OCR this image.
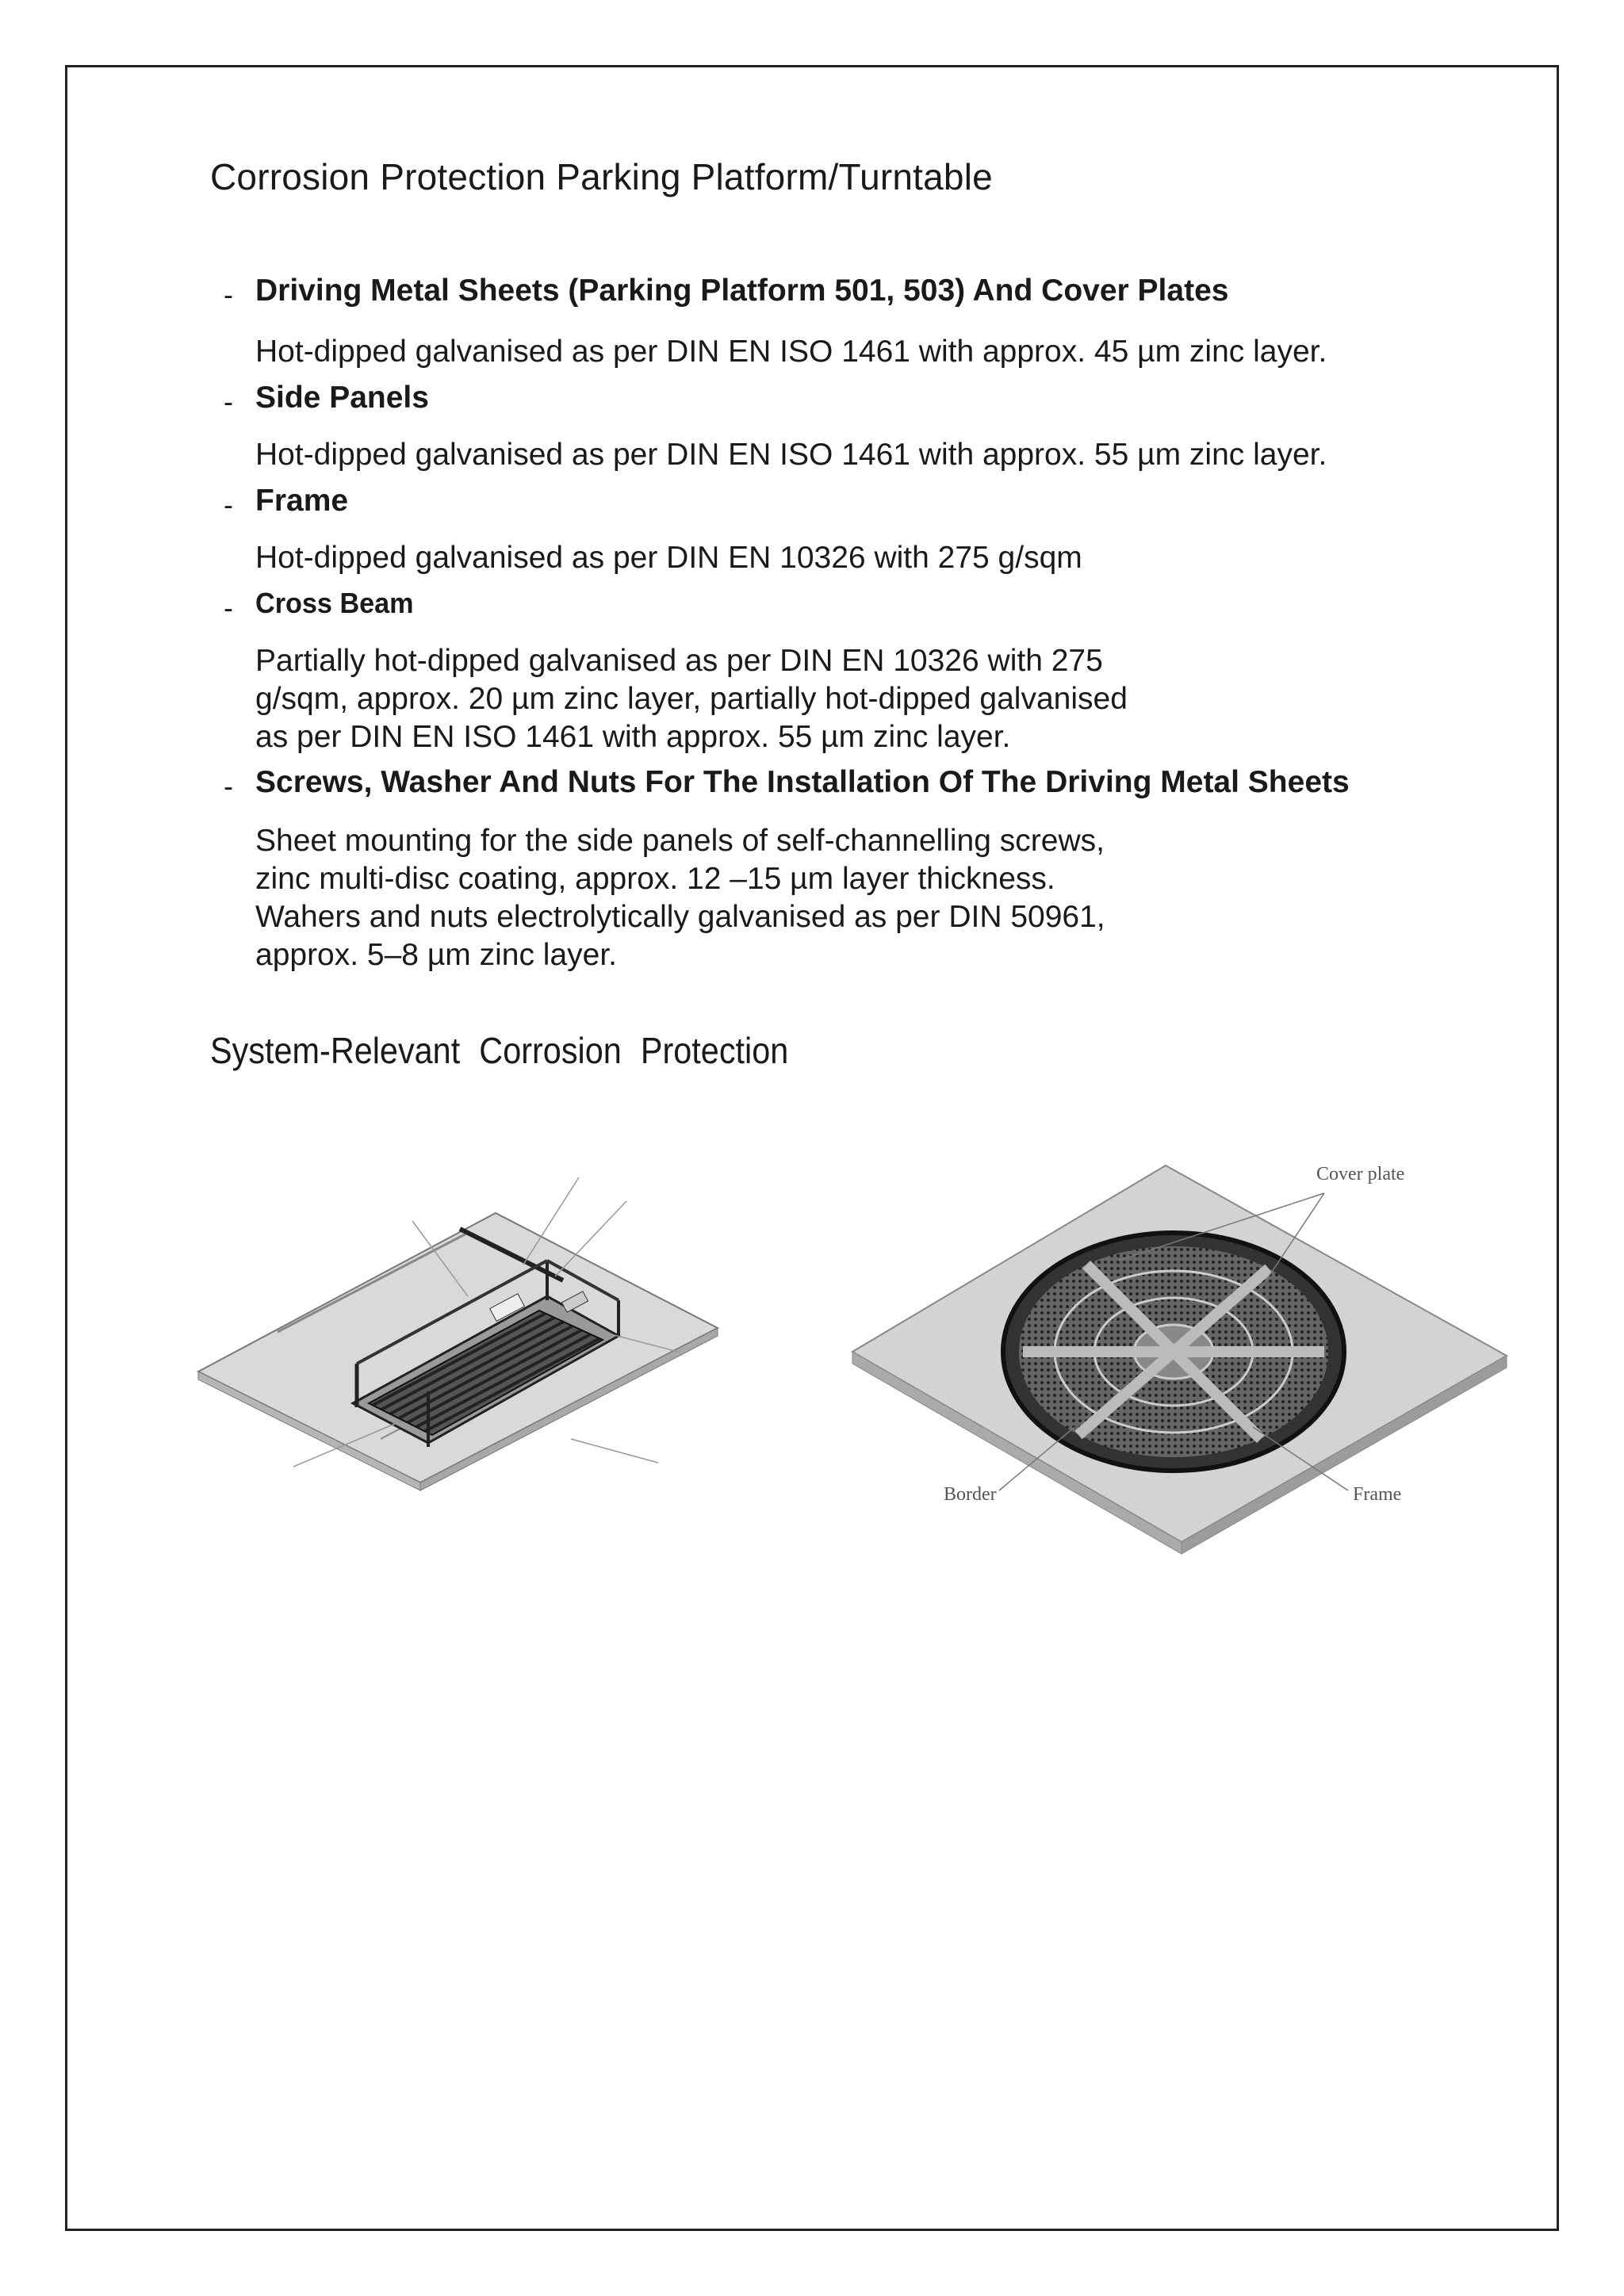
Corrosion Protection Parking Platform/Turntable
- Driving Metal Sheets (Parking Platform 501, 503) And Cover Plates
Hot-dipped galvanised as per DIN EN ISO 1461 with approx. 45 µm zinc layer.
- Side Panels
Hot-dipped galvanised as per DIN EN ISO 1461 with approx. 55 µm zinc layer.
- Frame
Hot-dipped galvanised as per DIN EN 10326 with 275 g/sqm
- Cross Beam
Partially hot-dipped galvanised as per DIN EN 10326 with 275
g/sqm, approx. 20 µm zinc layer, partially hot-dipped galvanised
as per DIN EN ISO 1461 with approx. 55 µm zinc layer.
- Screws, Washer And Nuts For The Installation Of The Driving Metal Sheets
Sheet mounting for the side panels of self-channelling screws,
zinc multi-disc coating, approx. 12 –15 µm layer thickness.
Wahers and nuts electrolytically galvanised as per DIN 50961,
approx. 5–8 µm zinc layer.
System-Relevant Corrosion Protection
Cover plate
Border	Frame
